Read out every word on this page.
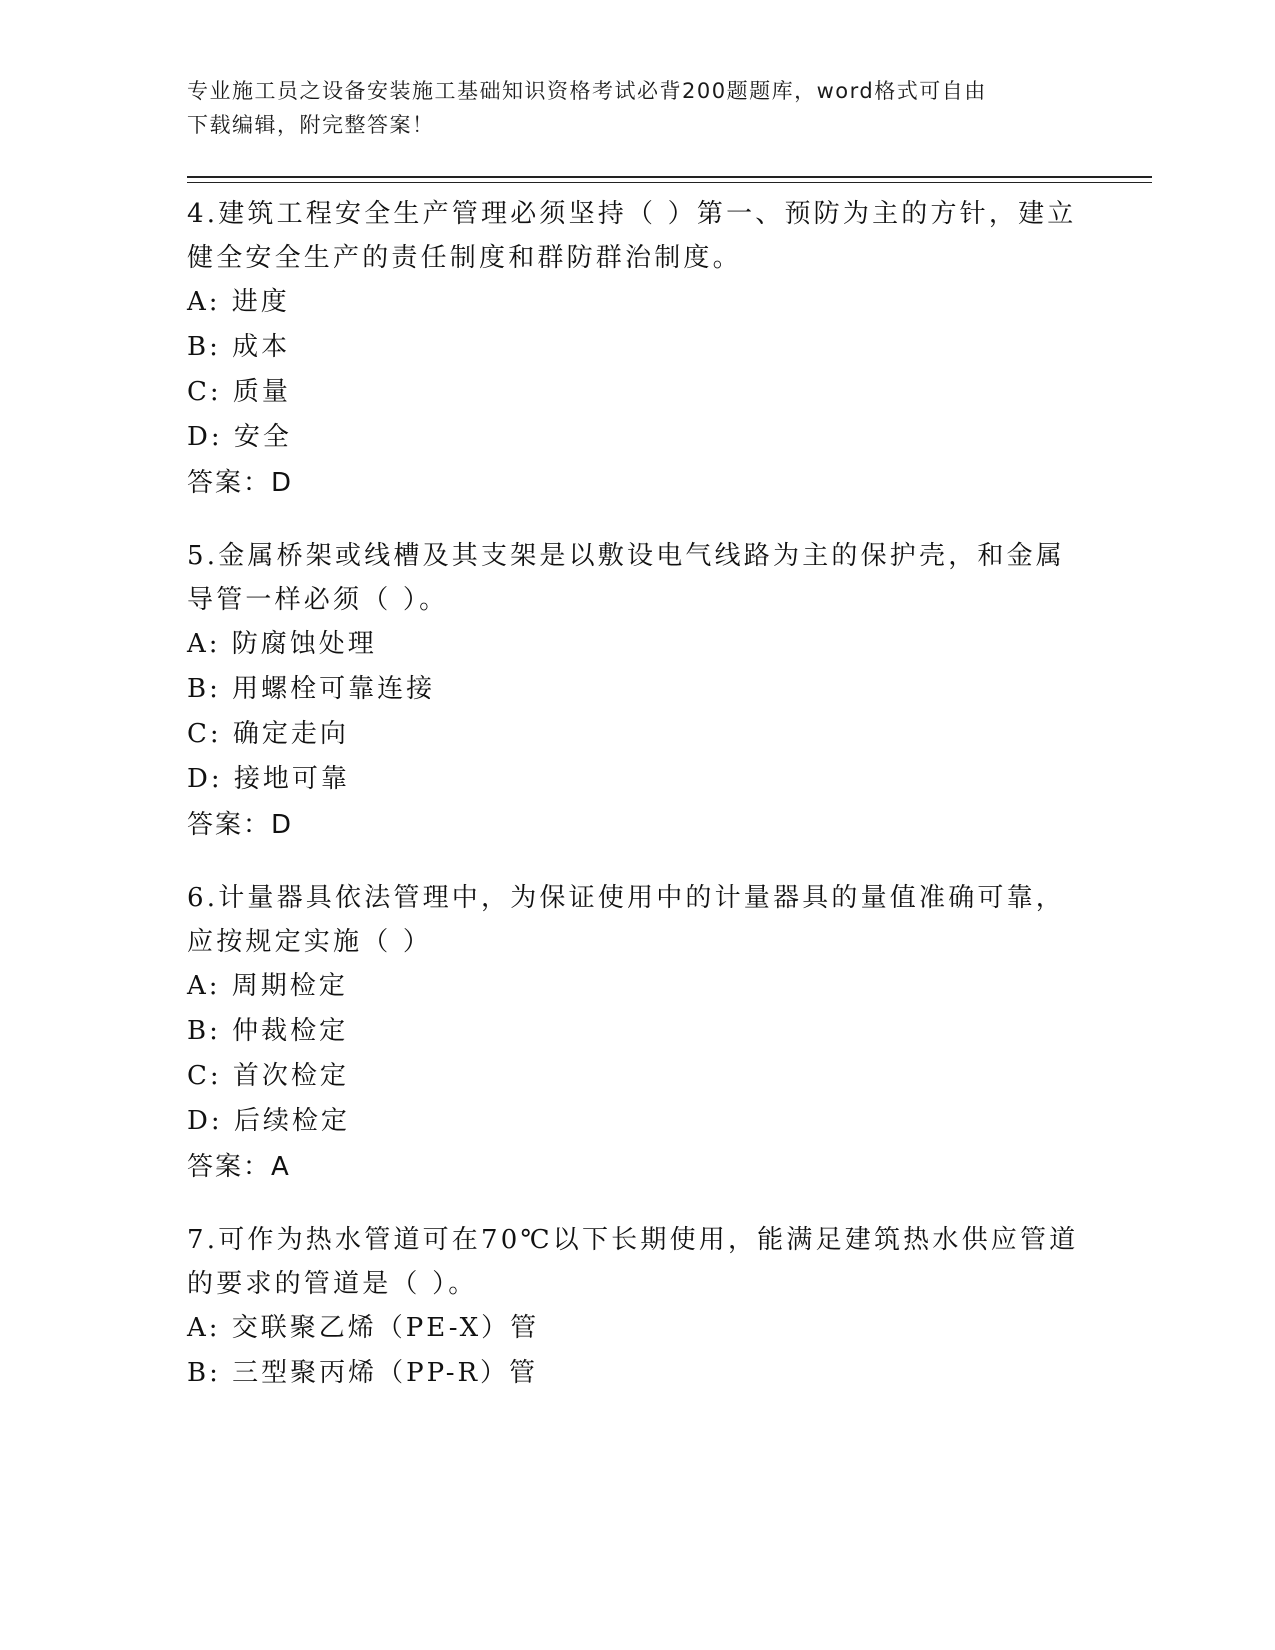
专业施工员之设备安装施工基础知识资格考试必背200题题库，word格式可自由
下载编辑，附完整答案！

4.建筑工程安全生产管理必须坚持（ ）第一、预防为主的方针，建立

健全安全生产的责任制度和群防群治制度。

A: 进度

B: 成本

C: 质量

D: 安全

答案：D

5.金属桥架或线槽及其支架是以敷设电气线路为主的保护壳，和金属

导管一样必须（ ）。

A: 防腐蚀处理

B: 用螺栓可靠连接

C: 确定走向

D: 接地可靠

答案：D

6.计量器具依法管理中，为保证使用中的计量器具的量值准确可靠，

应按规定实施（ ）

A: 周期检定

B: 仲裁检定

C: 首次检定

D: 后续检定

答案：A

7.可作为热水管道可在70℃以下长期使用，能满足建筑热水供应管道

的要求的管道是（ ）。

A: 交联聚乙烯（PE-X）管

B: 三型聚丙烯（PP-R）管
